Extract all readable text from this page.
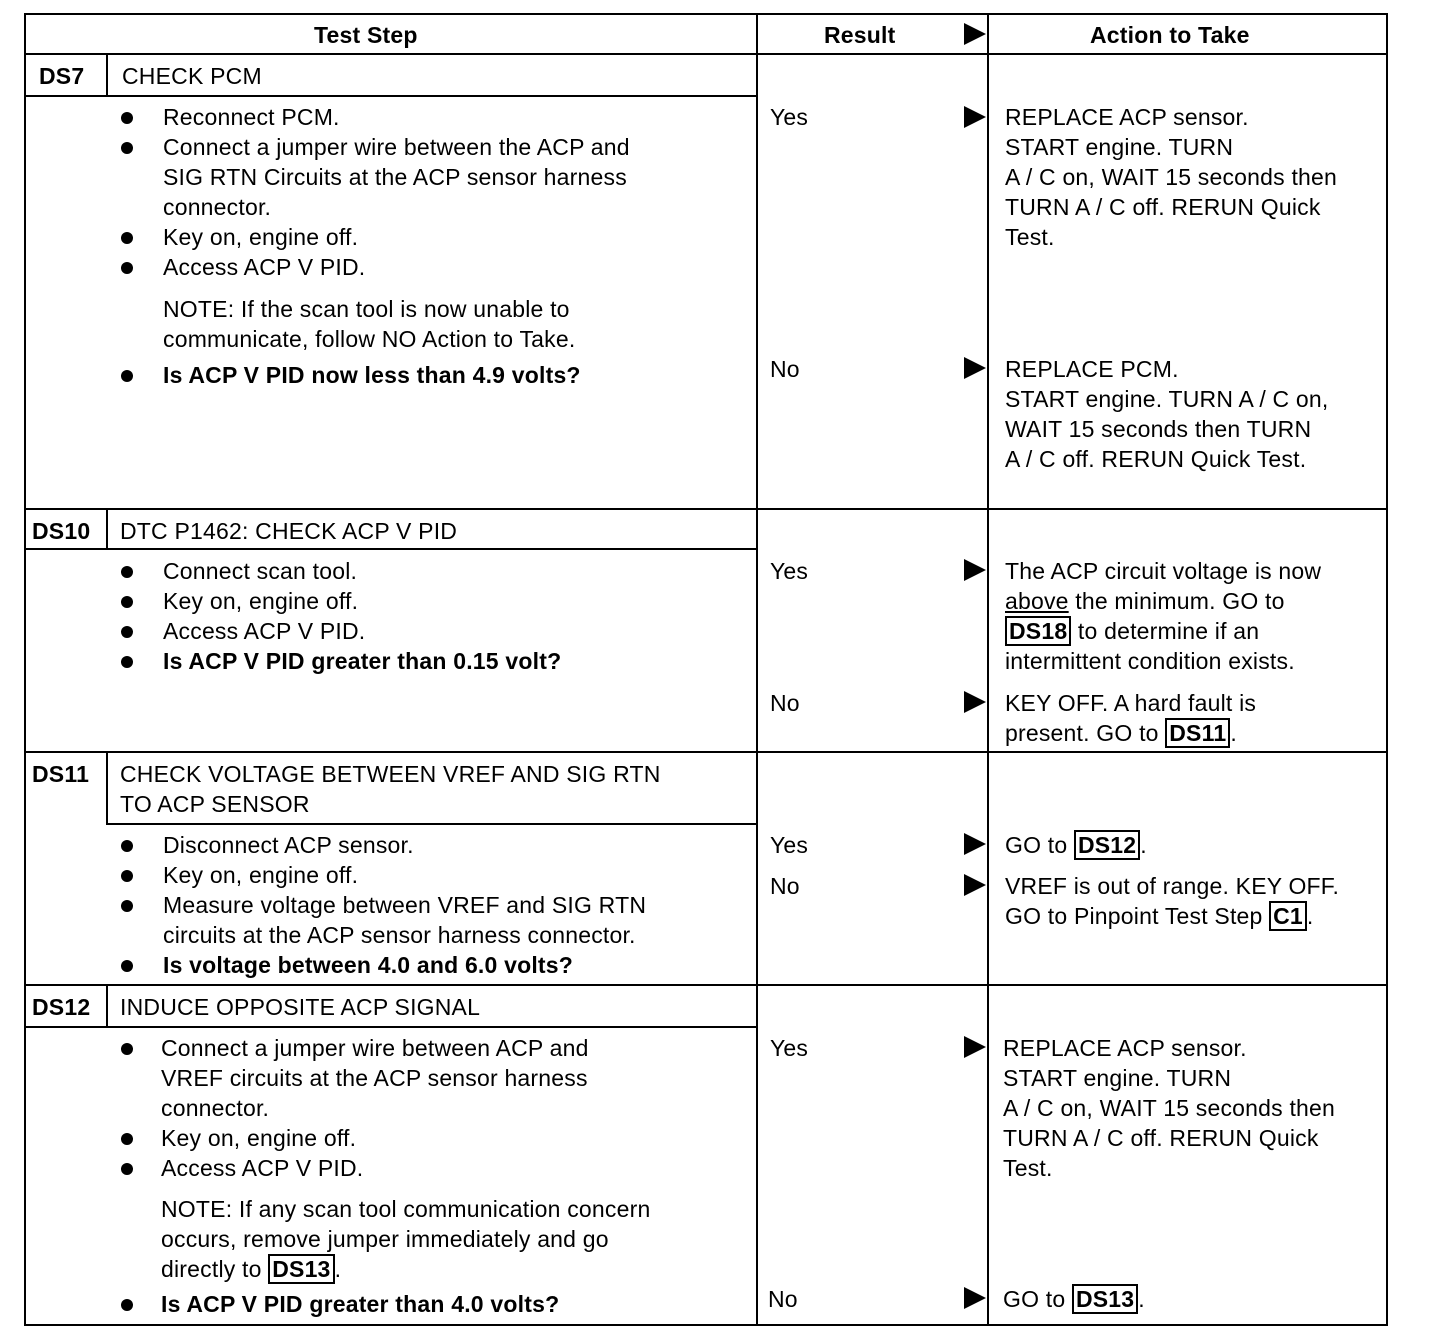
Test Step	Result	Action to Take
DS7 CHECK PCM
Reconnect PCM.
Connect a jumper wire between the ACP and
SIG RTN Circuits at the ACP sensor harness
connector.
Key on, engine off.
Access ACP V PID.
NOTE: If the scan tool is now unable to
communicate, follow NO Action to Take.
Is ACP V PID now less than 4.9 volts?
Yes	REPLACE ACP sensor.
START engine. TURN
A / C on, WAIT 15 seconds then
TURN A / C off. RERUN Quick
Test.
No	REPLACE PCM.
START engine. TURN A / C on,
WAIT 15 seconds then TURN
A / C off. RERUN Quick Test.
DS10 DTC P1462: CHECK ACP V PID
Connect scan tool.
Key on, engine off.
Access ACP V PID.
Is ACP V PID greater than 0.15 volt?
Yes	The ACP circuit voltage is now
above the minimum. GO to
DS18 to determine if an
intermittent condition exists.
No	KEY OFF. A hard fault is
present. GO to DS11 .
DS11 CHECK VOLTAGE BETWEEN VREF AND SIG RTN
TO ACP SENSOR
Disconnect ACP sensor.
Key on, engine off.
Measure voltage between VREF and SIG RTN
circuits at the ACP sensor harness connector.
Is voltage between 4.0 and 6.0 volts?
Yes	GO to DS12 .
No	VREF is out of range. KEY OFF.
GO to Pinpoint Test Step C1 .
DS12 INDUCE OPPOSITE ACP SIGNAL
Connect a jumper wire between ACP and
VREF circuits at the ACP sensor harness
connector.
Key on, engine off.
Access ACP V PID.
NOTE: If any scan tool communication concern
occurs, remove jumper immediately and go
directly to DS13 .
Is ACP V PID greater than 4.0 volts?
Yes	REPLACE ACP sensor.
START engine. TURN
A / C on, WAIT 15 seconds then
TURN A / C off. RERUN Quick
Test.
No	GO to DS13 .
